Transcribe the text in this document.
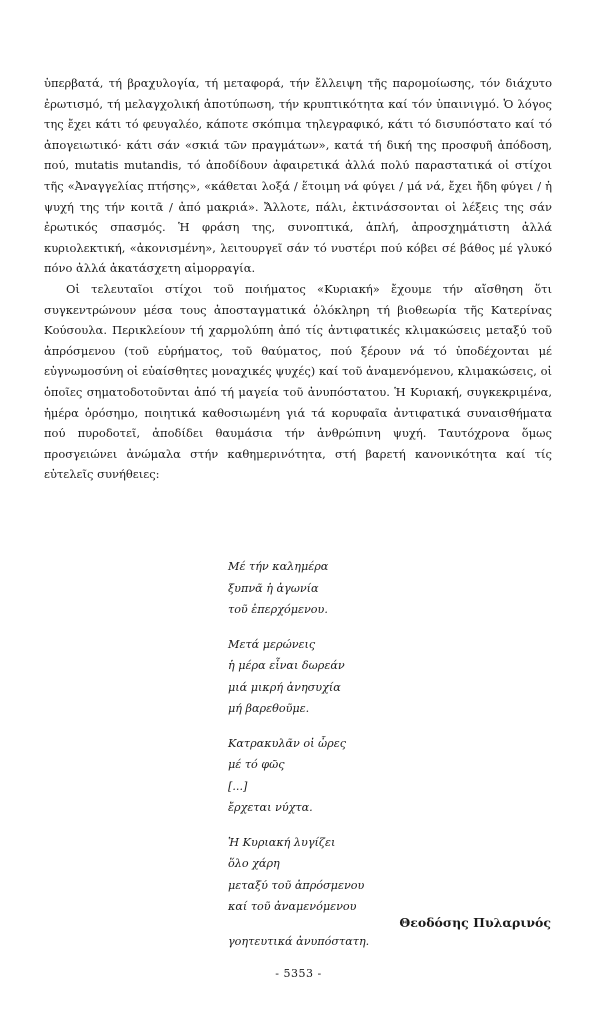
ὑπερβατά, τή βραχυλογία, τή μεταφορά, τήν ἔλλειψη τῆς παρομοίωσης, τόν διάχυτο ἐρωτισμό, τή μελαγχολική ἀποτύπωση, τήν κρυπτικότητα καί τόν ὑπαινιγμό. Ὁ λόγος της ἔχει κάτι τό φευγαλέο, κάποτε σκόπιμα τηλεγραφικό, κάτι τό δισυπόστατο καί τό ἀπογειωτικό· κάτι σάν «σκιά τῶν πραγμάτων», κατά τή δική της προσφυῆ ἀπόδοση, πού, mutatis mutandis, τό ἀποδίδουν ἀφαιρετικά ἀλλά πολύ παραστατικά οἱ στίχοι τῆς «Ἀναγγελίας πτήσης», «κάθεται λοξά / ἕτοιμη νά φύγει / μά νά, ἔχει ἤδη φύγει / ἡ ψυχή της τήν κοιτᾶ / ἀπό μακριά». Ἄλλοτε, πάλι, ἐκτινάσσονται οἱ λέξεις της σάν ἐρωτικός σπασμός. Ἡ φράση της, συνοπτικά, ἁπλή, ἀπροσχημάτιστη ἀλλά κυριολεκτική, «ἀκονισμένη», λειτουργεῖ σάν τό νυστέρι πού κόβει σέ βάθος μέ γλυκό πόνο ἀλλά ἀκατάσχετη αἱμορραγία.

Οἱ τελευταῖοι στίχοι τοῦ ποιήματος «Κυριακή» ἔχουμε τήν αἴσθηση ὅτι συγκεντρώνουν μέσα τους ἀποσταγματικά ὁλόκληρη τή βιοθεωρία τῆς Κατερίνας Κούσουλα. Περικλείουν τή χαρμολύπη ἀπό τίς ἀντιφατικές κλιμακώσεις μεταξύ τοῦ ἀπρόσμενου (τοῦ εὑρήματος, τοῦ θαύματος, πού ξέρουν νά τό ὑποδέχονται μέ εὐγνωμοσύνη οἱ εὐαίσθητες μοναχικές ψυχές) καί τοῦ ἀναμενόμενου, κλιμακώσεις, οἱ ὁποῖες σηματοδοτοῦνται ἀπό τή μαγεία τοῦ ἀνυπόστατου. Ἡ Κυριακή, συγκεκριμένα, ἡμέρα ὁρόσημο, ποιητικά καθοσιωμένη γιά τά κορυφαῖα ἀντιφατικά συναισθήματα πού πυροδοτεῖ, ἀποδίδει θαυμάσια τήν ἀνθρώπινη ψυχή. Ταυτόχρονα ὅμως προσγειώνει ἀνώμαλα στήν καθημερινότητα, στή βαρετή κανονικότητα καί τίς εὐτελεῖς συνήθειες:

Μέ τήν καλημέρα
ξυπνᾶ ἡ ἀγωνία
τοῦ ἐπερχόμενου.
Μετά μερώνεις
ἡ μέρα εἶναι δωρεάν
μιά μικρή ἀνησυχία
μή βαρεθοῦμε.
Κατρακυλᾶν οἱ ὧρες
μέ τό φῶς
[...]
ἔρχεται νύχτα.
Ἡ Κυριακή λυγίζει
ὅλο χάρη
μεταξύ τοῦ ἀπρόσμενου
καί τοῦ ἀναμενόμενου
γοητευτικά ἀνυπόστατη.
Θεοδόσης Πυλαρινός
- 5353 -
